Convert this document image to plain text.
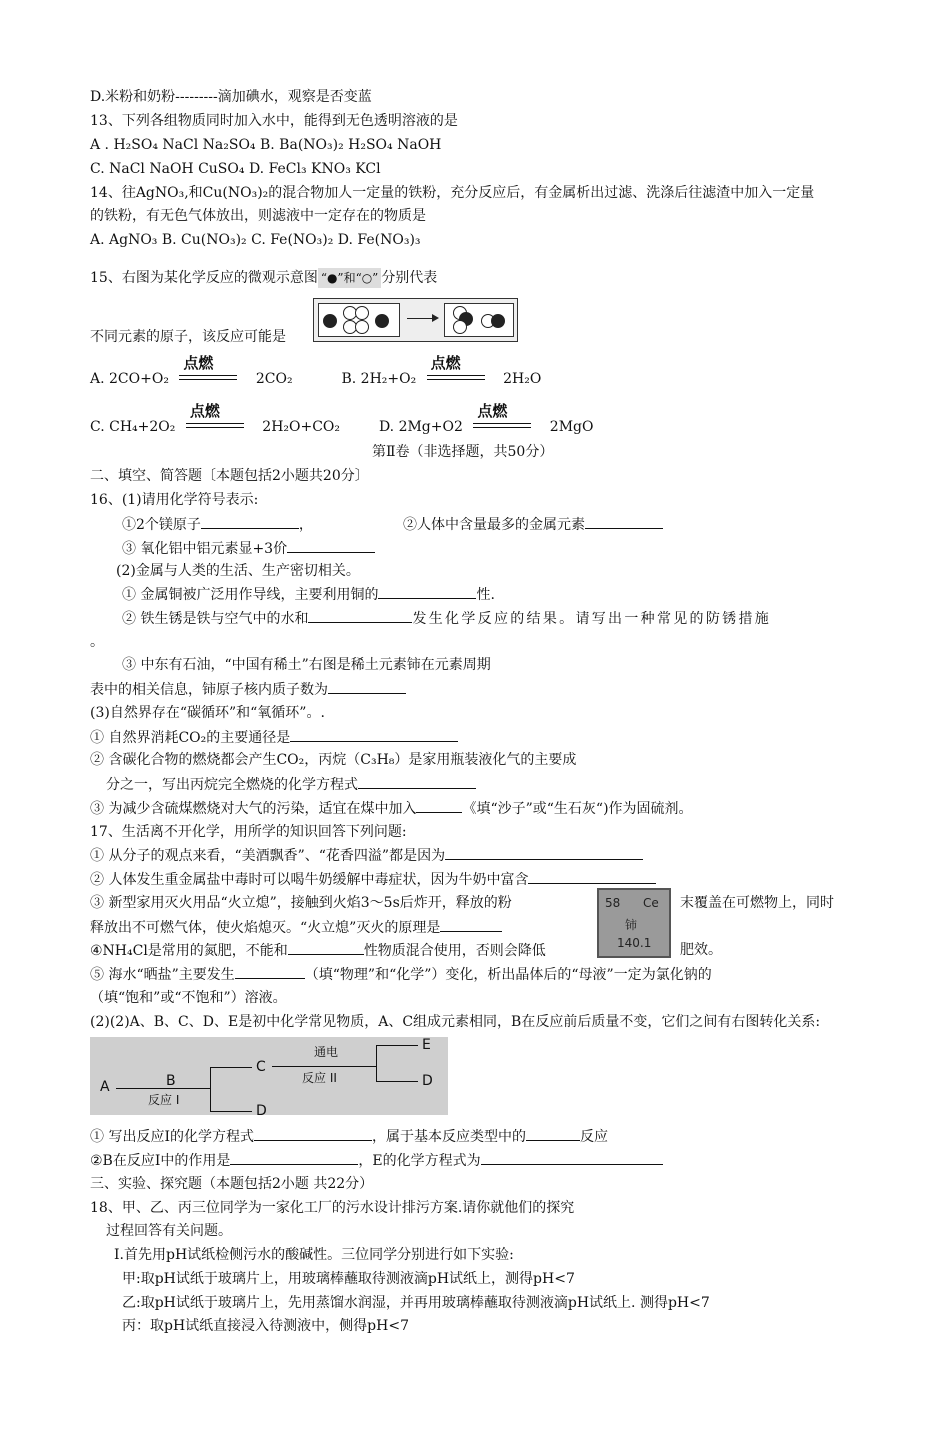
D.米粉和奶粉---------滴加碘水，观察是否变蓝
13、下列各组物质同时加入水中，能得到无色透明溶液的是
A . H₂SO₄ NaCl Na₂SO₄ B. Ba(NO₃)₂ H₂SO₄ NaOH
C. NaCl NaOH CuSO₄ D. FeCl₃ KNO₃ KCl
14、往AgNO₃,和Cu(NO₃)₂的混合物加人一定量的铁粉，充分反应后，有金属析出过滤、洗涤后往滤渣中加入一定量
的铁粉，有无色气体放出，则滤液中一定存在的物质是
A. AgNO₃ B. Cu(NO₃)₂ C. Fe(NO₃)₂ D. Fe(NO₃)₃
15、右图为某化学反应的微观示意图 “●”和“○” 分别代表
不同元素的原子，该反应可能是
A. 2CO+O₂
点燃
2CO₂	B. 2H₂+O₂
点燃
2H₂O
C. CH₄+2O₂
点燃
2H₂O+CO₂	D. 2Mg+O2
点燃
2MgO
第Ⅱ卷（非选择题，共50分）
二、填空、简答题〔本题包括2小题共20分〕
16、(1)请用化学符号表示:
①2个镁原子	，	②人体中含量最多的金属元素
③ 氧化铝中铝元素显+3价
(2)金属与人类的生活、生产密切相关。
① 金属铜被广泛用作导线，主要利用铜的	性.
② 铁生锈是铁与空气中的水和	发生化学反应的结果。请写出一种常见的防锈措施
。
③ 中东有石油，“中国有稀土”右图是稀土元素铈在元素周期
表中的相关信息，铈原子核内质子数为
(3)自然界存在“碳循环”和“氧循环”。.
① 自然界消耗CO₂的主要通径是
② 含碳化合物的燃烧都会产生CO₂，丙烷（C₃H₈）是家用瓶装液化气的主要成
分之一，写出丙烷完全燃烧的化学方程式
③ 为减少含硫煤燃烧对大气的污染，适宜在煤中加入	《填“沙子”或“生石灰“)作为固硫剂。
17、生活离不开化学，用所学的知识回答下列问题:
① 从分子的观点来看，“美酒飘香”、“花香四溢”都是因为
② 人体发生重金属盐中毒时可以喝牛奶缓解中毒症状，因为牛奶中富含
③ 新型家用灭火用品“火立熄”，接触到火焰3～5s后炸开，释放的粉	末覆盖在可燃物上，同时
释放出不可燃气体，使火焰熄灭。“火立熄”灭火的原理是
④NH₄Cl是常用的氮肥，不能和	性物质混合使用，否则会降低	肥效。
58 Ce
铈
140.1
⑤ 海水“晒盐”主要发生	（填“物理”和“化学”）变化，析出晶体后的“母液”一定为氯化钠的
（填“饱和”或“不饱和”）溶液。
(2)(2)A、B、C、D、E是初中化学常见物质，A、C组成元素相同，B在反应前后质量不变，它们之间有右图转化关系:
A	B
反应 I
C
D
通电
反应 II
E
D
① 写出反应Ⅰ的化学方程式	，属于基本反应类型中的	反应
②B在反应Ⅰ中的作用是	，E的化学方程式为
三、实验、探究题（本题包括2小题 共22分）
18、甲、乙、丙三位同学为一家化工厂的污水设计排污方案.请你就他们的探究
过程回答有关问题。
Ⅰ.首先用pH试纸检侧污水的酸碱性。三位同学分别进行如下实验:
甲:取pH试纸于玻璃片上，用玻璃棒蘸取待测液滴pH试纸上，测得pH<7
乙:取pH试纸于玻璃片上，先用蒸馏水润湿，并再用玻璃棒蘸取待测液滴pH试纸上. 测得pH<7
丙：取pH试纸直接浸入待测液中，侧得pH<7
